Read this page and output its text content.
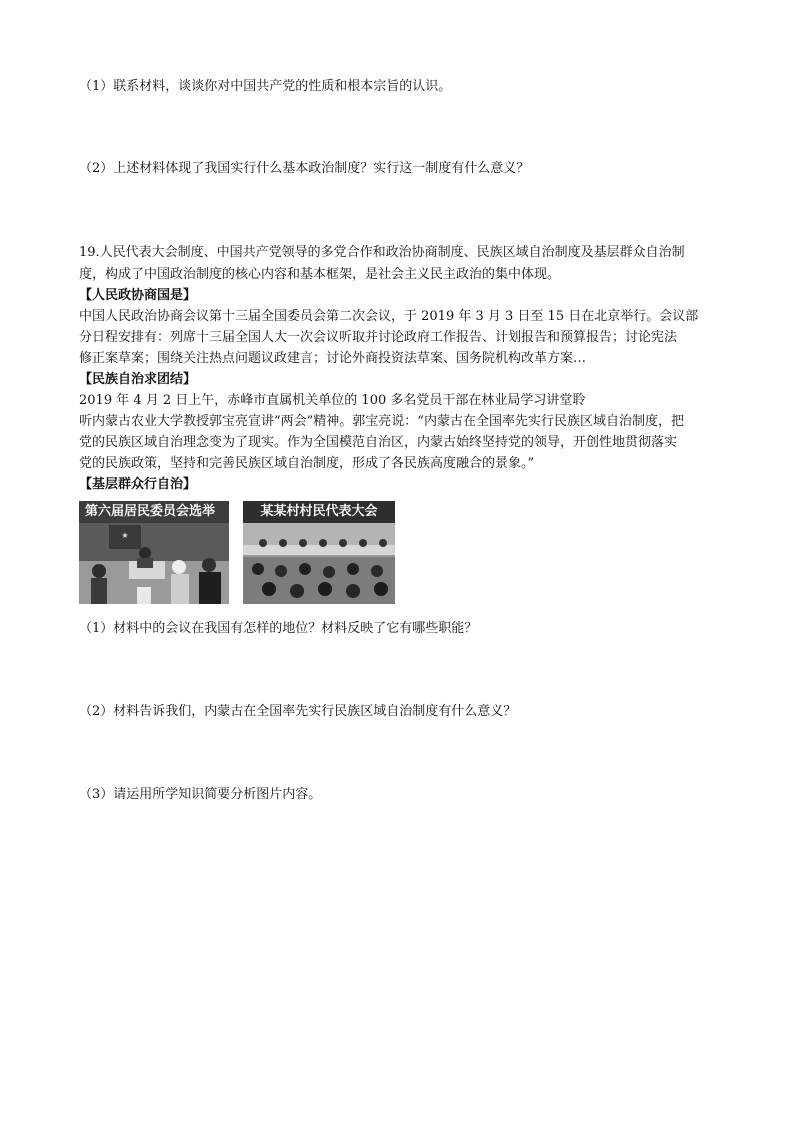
（1）联系材料，谈谈你对中国共产党的性质和根本宗旨的认识。
（2）上述材料体现了我国实行什么基本政治制度？实行这一制度有什么意义？
19.人民代表大会制度、中国共产党领导的多党合作和政治协商制度、民族区域自治制度及基层群众自治制
度，构成了中国政治制度的核心内容和基本框架，是社会主义民主政治的集中体现。
【人民政协商国是】
中国人民政治协商会议第十三届全国委员会第二次会议，于 2019 年 3 月 3 日至 15 日在北京举行。会议部
分日程安排有：列席十三届全国人大一次会议听取并讨论政府工作报告、计划报告和预算报告；讨论宪法
修正案草案；围绕关注热点问题议政建言；讨论外商投资法草案、国务院机构改革方案…
【民族自治求团结】
2019 年 4 月 2 日上午，赤峰市直属机关单位的 100 多名党员干部在林业局学习讲堂聆
听内蒙古农业大学教授郭宝亮宣讲“两会”精神。郭宝亮说：“内蒙古在全国率先实行民族区域自治制度，把
党的民族区域自治理念变为了现实。作为全国模范自治区，内蒙古始终坚持党的领导，开创性地贯彻落实
党的民族政策，坚持和完善民族区域自治制度，形成了各民族高度融合的景象。”
【基层群众行自治】
★
第六届居民委员会选举	某某村村民代表大会
（1）材料中的会议在我国有怎样的地位？材料反映了它有哪些职能？
（2）材料告诉我们，内蒙古在全国率先实行民族区域自治制度有什么意义？
（3）请运用所学知识简要分析图片内容。
